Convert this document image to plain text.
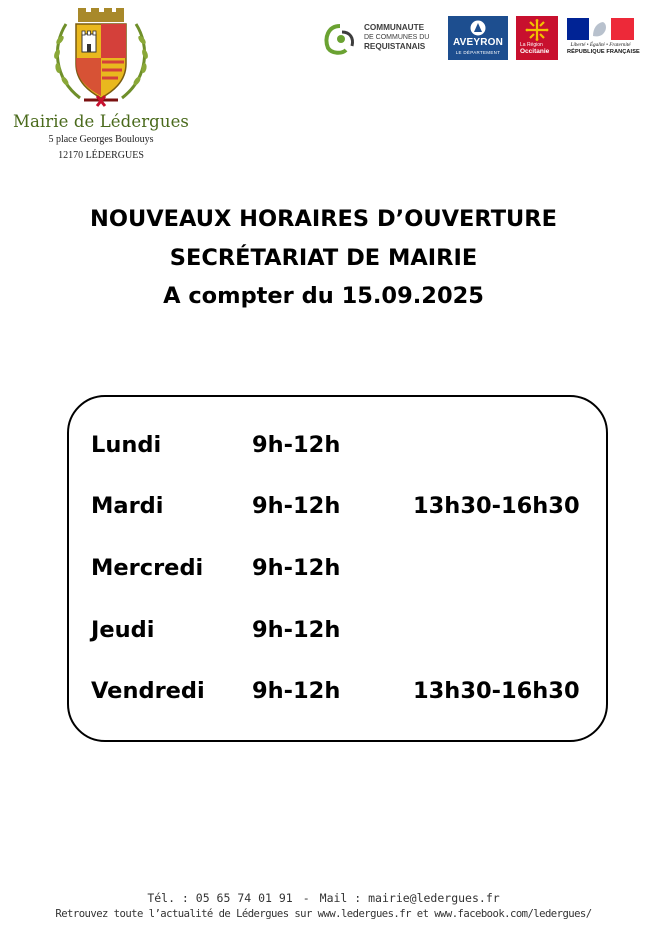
Mairie de Lédergues
5 place Georges Boulouys
12170 LÉDERGUES
COMMUNAUTE
DE COMMUNES DU
REQUISTANAIS	AVEYRON
LE DÉPARTEMENT
La Région
Occitanie
Liberté • Égalité • Fraternité
RÉPUBLIQUE FRANÇAISE
NOUVEAUX HORAIRES D’OUVERTURE
SECRÉTARIAT DE MAIRIE
A compter du 15.09.2025
Lundi	9h-12h
Mardi	9h-12h	13h30-16h30
Mercredi 9h-12h
Jeudi	9h-12h
Vendredi 9h-12h	13h30-16h30
Tél. : 05 65 74 01 91 - Mail : mairie@ledergues.fr
Retrouvez toute l’actualité de Lédergues sur www.ledergues.fr et www.facebook.com/ledergues/
